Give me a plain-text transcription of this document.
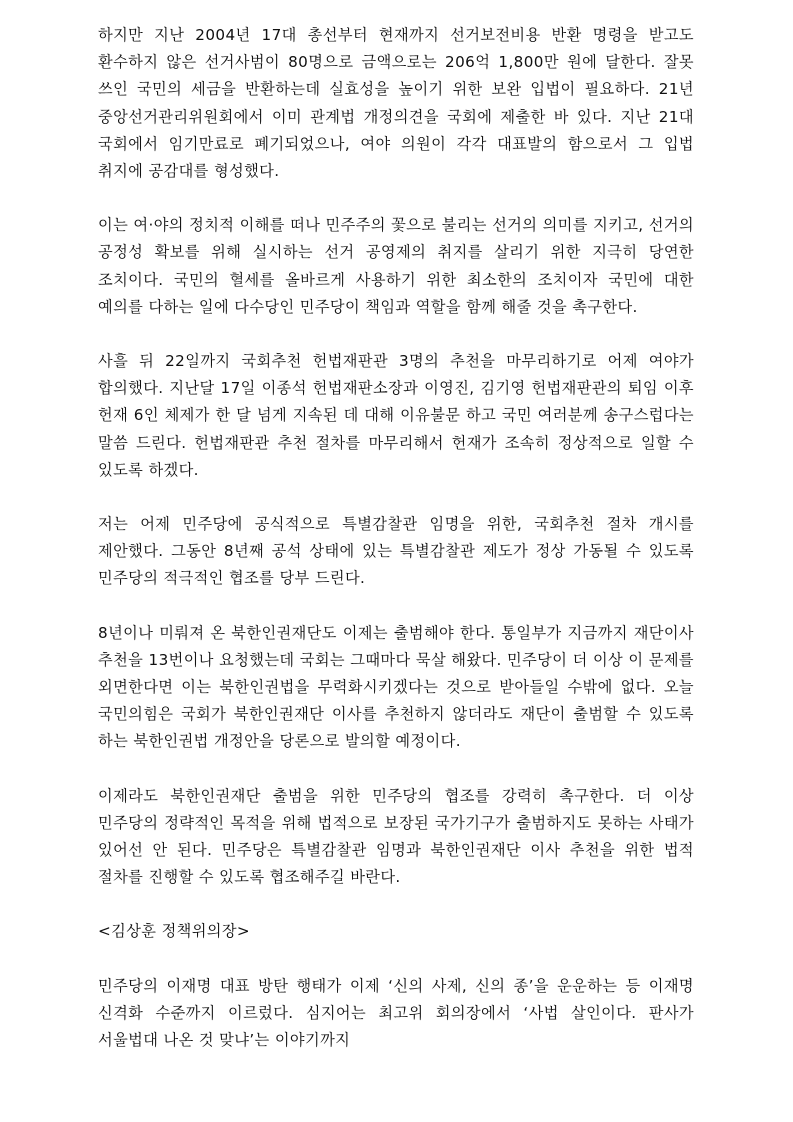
하지만 지난 2004년 17대 총선부터 현재까지 선거보전비용 반환 명령을 받고도 환수하지 않은 선거사범이 80명으로 금액으로는 206억 1,800만 원에 달한다. 잘못 쓰인 국민의 세금을 반환하는데 실효성을 높이기 위한 보완 입법이 필요하다. 21년 중앙선거관리위원회에서 이미 관계법 개정의견을 국회에 제출한 바 있다. 지난 21대 국회에서 임기만료로 폐기되었으나, 여야 의원이 각각 대표발의 함으로서 그 입법 취지에 공감대를 형성했다.

이는 여·야의 정치적 이해를 떠나 민주주의 꽃으로 불리는 선거의 의미를 지키고, 선거의 공정성 확보를 위해 실시하는 선거 공영제의 취지를 살리기 위한 지극히 당연한 조치이다. 국민의 혈세를 올바르게 사용하기 위한 최소한의 조치이자 국민에 대한 예의를 다하는 일에 다수당인 민주당이 책임과 역할을 함께 해줄 것을 촉구한다.

사흘 뒤 22일까지 국회추천 헌법재판관 3명의 추천을 마무리하기로 어제 여야가 합의했다. 지난달 17일 이종석 헌법재판소장과 이영진, 김기영 헌법재판관의 퇴임 이후 헌재 6인 체제가 한 달 넘게 지속된 데 대해 이유불문 하고 국민 여러분께 송구스럽다는 말씀 드린다. 헌법재판관 추천 절차를 마무리해서 헌재가 조속히 정상적으로 일할 수 있도록 하겠다.

저는 어제 민주당에 공식적으로 특별감찰관 임명을 위한, 국회추천 절차 개시를 제안했다. 그동안 8년째 공석 상태에 있는 특별감찰관 제도가 정상 가동될 수 있도록 민주당의 적극적인 협조를 당부 드린다.

8년이나 미뤄져 온 북한인권재단도 이제는 출범해야 한다. 통일부가 지금까지 재단이사 추천을 13번이나 요청했는데 국회는 그때마다 묵살 해왔다. 민주당이 더 이상 이 문제를 외면한다면 이는 북한인권법을 무력화시키겠다는 것으로 받아들일 수밖에 없다. 오늘 국민의힘은 국회가 북한인권재단 이사를 추천하지 않더라도 재단이 출범할 수 있도록 하는 북한인권법 개정안을 당론으로 발의할 예정이다.

이제라도 북한인권재단 출범을 위한 민주당의 협조를 강력히 촉구한다. 더 이상 민주당의 정략적인 목적을 위해 법적으로 보장된 국가기구가 출범하지도 못하는 사태가 있어선 안 된다. 민주당은 특별감찰관 임명과 북한인권재단 이사 추천을 위한 법적 절차를 진행할 수 있도록 협조해주길 바란다.

<김상훈 정책위의장>

민주당의 이재명 대표 방탄 행태가 이제 ‘신의 사제, 신의 종’을 운운하는 등 이재명 신격화 수준까지 이르렀다. 심지어는 최고위 회의장에서 ‘사법 살인이다. 판사가 서울법대 나온 것 맞냐’는 이야기까지
